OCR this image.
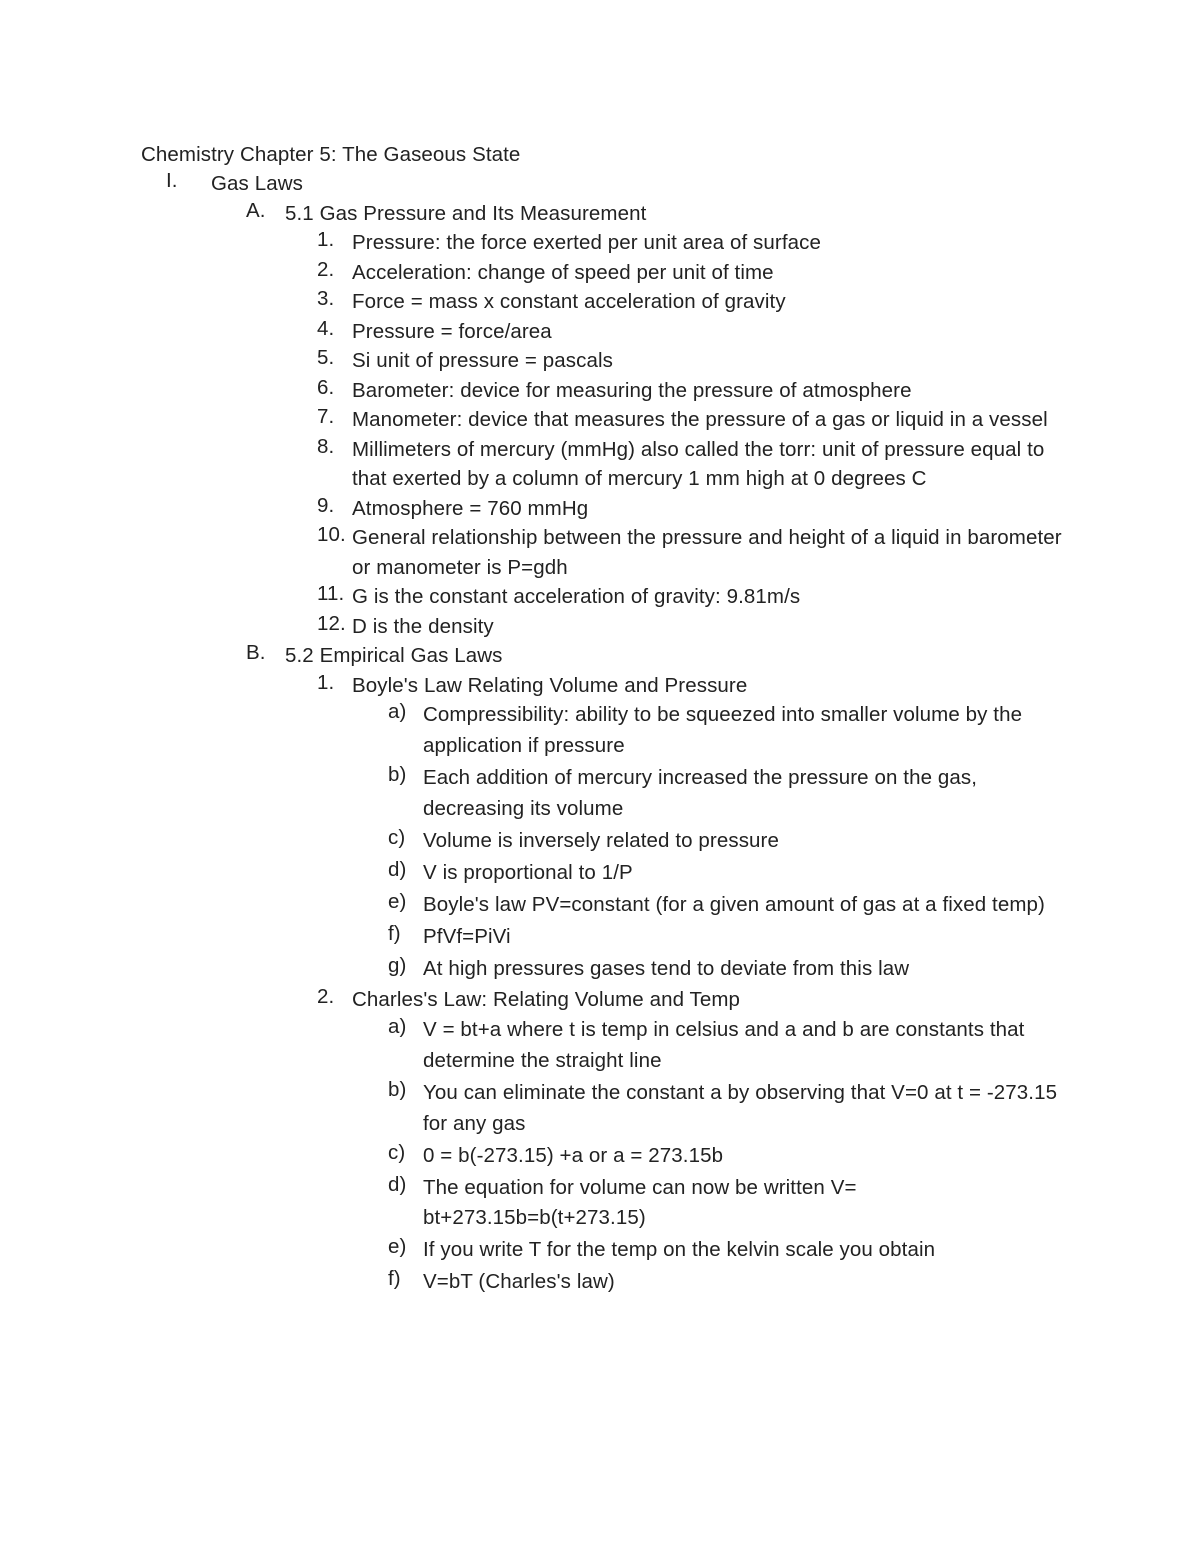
Chemistry Chapter 5: The Gaseous State
I. Gas Laws
A. 5.1 Gas Pressure and Its Measurement
1. Pressure: the force exerted per unit area of surface
2. Acceleration: change of speed per unit of time
3. Force = mass x constant acceleration of gravity
4. Pressure = force/area
5. Si unit of pressure = pascals
6. Barometer: device for measuring the pressure of atmosphere
7. Manometer: device that measures the pressure of a gas or liquid in a vessel
8. Millimeters of mercury (mmHg) also called the torr: unit of pressure equal to that exerted by a column of mercury 1 mm high at 0 degrees C
9. Atmosphere = 760 mmHg
10. General relationship between the pressure and height of a liquid in barometer or manometer is P=gdh
11. G is the constant acceleration of gravity: 9.81m/s
12. D is the density
B. 5.2 Empirical Gas Laws
1. Boyle's Law Relating Volume and Pressure
a) Compressibility: ability to be squeezed into smaller volume by the application if pressure
b) Each addition of mercury increased the pressure on the gas, decreasing its volume
c) Volume is inversely related to pressure
d) V is proportional to 1/P
e) Boyle's law PV=constant (for a given amount of gas at a fixed temp)
f) PfVf=PiVi
g) At high pressures gases tend to deviate from this law
2. Charles's Law: Relating Volume and Temp
a) V = bt+a where t is temp in celsius and a and b are constants that determine the straight line
b) You can eliminate the constant a by observing that V=0 at t = -273.15 for any gas
c) 0 = b(-273.15) +a or a = 273.15b
d) The equation for volume can now be written V= bt+273.15b=b(t+273.15)
e) If you write T for the temp on the kelvin scale you obtain
f) V=bT (Charles's law)
